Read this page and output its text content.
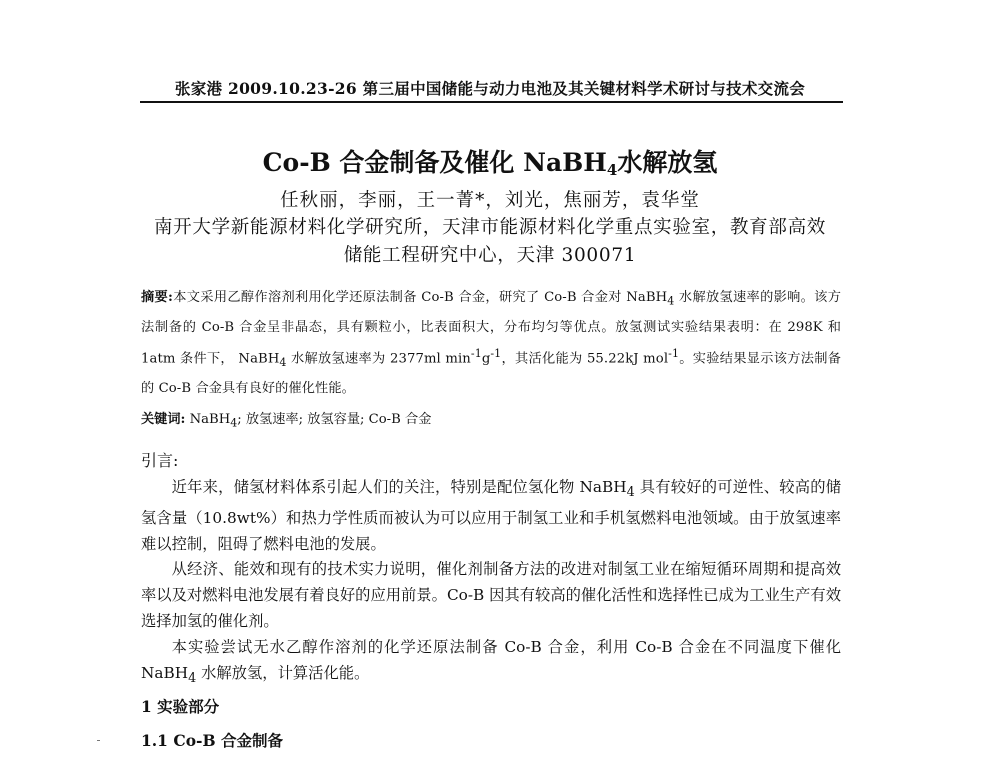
张家港 2009.10.23-26 第三届中国储能与动力电池及其关键材料学术研讨与技术交流会
Co-B 合金制备及催化 NaBH$_4$水解放氢
任秋丽，李丽，王一菁*，刘光，焦丽芳，袁华堂
南开大学新能源材料化学研究所，天津市能源材料化学重点实验室，教育部高效
储能工程研究中心，天津 300071
摘要:本文采用乙醇作溶剂利用化学还原法制备 Co-B 合金，研究了 Co-B 合金对 NaBH$_4$ 水解放氢速率的影响。该方法制备的 Co-B 合金呈非晶态，具有颗粒小，比表面积大，分布均匀等优点。放氢测试实验结果表明：在 298K 和 1atm 条件下， NaBH$_4$ 水解放氢速率为 2377ml $\min^{-1}g^{-1}$，其活化能为 55.22kJ mol$^{-1}$。实验结果显示该方法制备的 Co-B 合金具有良好的催化性能。
关键词: NaBH$_4$; 放氢速率; 放氢容量; Co-B 合金
引言:

近年来，储氢材料体系引起人们的关注，特别是配位氢化物 NaBH$_4$ 具有较好的可逆性、较高的储氢含量（10.8wt%）和热力学性质而被认为可以应用于制氢工业和手机氢燃料电池领域。由于放氢速率难以控制，阻碍了燃料电池的发展。

从经济、能效和现有的技术实力说明，催化剂制备方法的改进对制氢工业在缩短循环周期和提高效率以及对燃料电池发展有着良好的应用前景。Co-B 因其有较高的催化活性和选择性已成为工业生产有效选择加氢的催化剂。

本实验尝试无水乙醇作溶剂的化学还原法制备 Co-B 合金，利用 Co-B 合金在不同温度下催化 NaBH$_4$ 水解放氢，计算活化能。

1 实验部分
1.1 Co-B 合金制备
